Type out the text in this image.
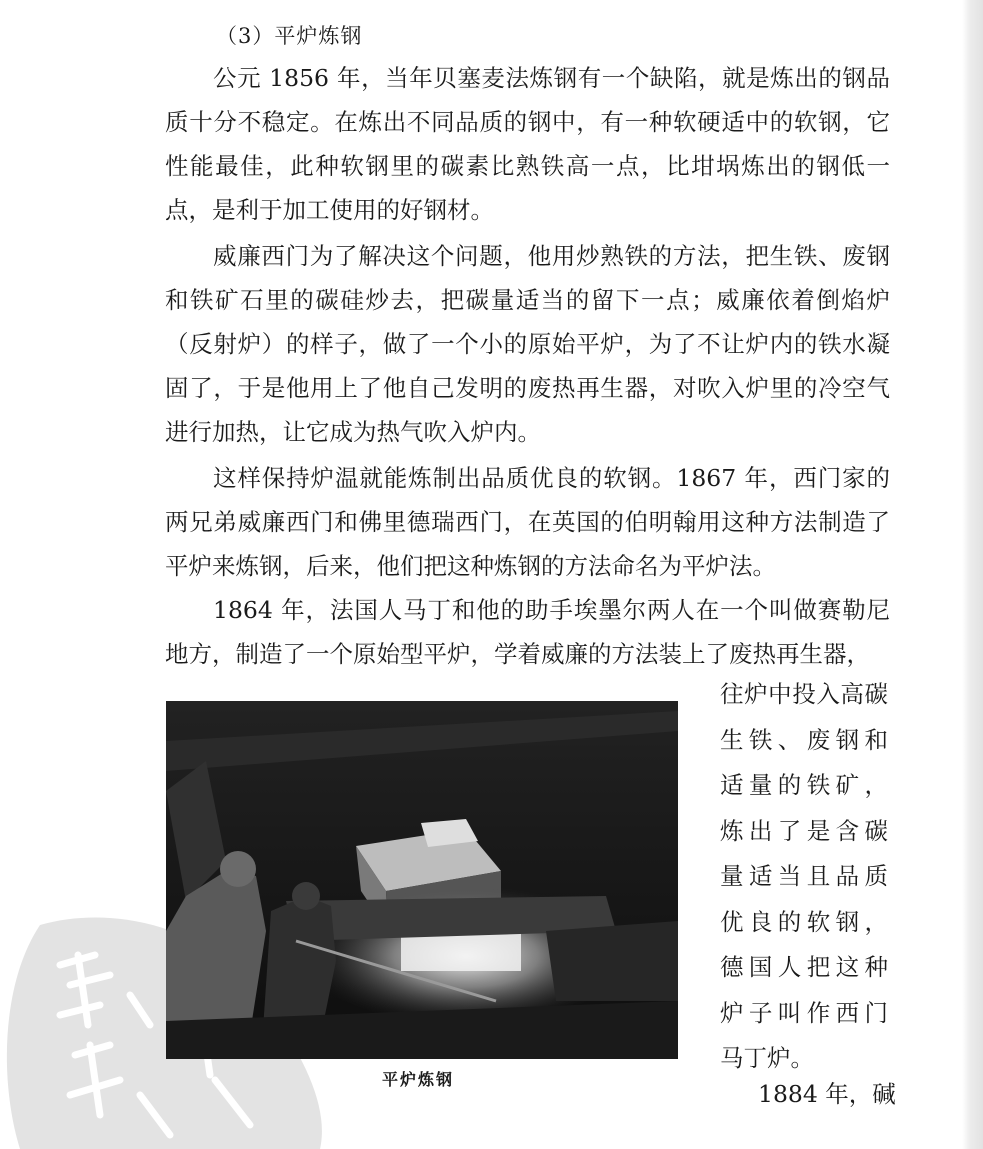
（3）平炉炼钢

公元 1856 年，当年贝塞麦法炼钢有一个缺陷，就是炼出的钢品质十分不稳定。在炼出不同品质的钢中，有一种软硬适中的软钢，它性能最佳，此种软钢里的碳素比熟铁高一点，比坩埚炼出的钢低一点，是利于加工使用的好钢材。

威廉西门为了解决这个问题，他用炒熟铁的方法，把生铁、废钢和铁矿石里的碳硅炒去，把碳量适当的留下一点；威廉依着倒焰炉（反射炉）的样子，做了一个小的原始平炉，为了不让炉内的铁水凝固了，于是他用上了他自己发明的废热再生器，对吹入炉里的冷空气进行加热，让它成为热气吹入炉内。

这样保持炉温就能炼制出品质优良的软钢。1867 年，西门家的两兄弟威廉西门和佛里德瑞西门，在英国的伯明翰用这种方法制造了平炉来炼钢，后来，他们把这种炼钢的方法命名为平炉法。

1864 年，法国人马丁和他的助手埃墨尔两人在一个叫做赛勒尼地方，制造了一个原始型平炉，学着威廉的方法装上了废热再生器，

平炉炼钢

往炉中投入高碳

生铁、废钢和

适量的铁矿，

炼出了是含碳

量适当且品质

优良的软钢，

德国人把这种

炉子叫作西门

马丁炉。

1884 年，碱
